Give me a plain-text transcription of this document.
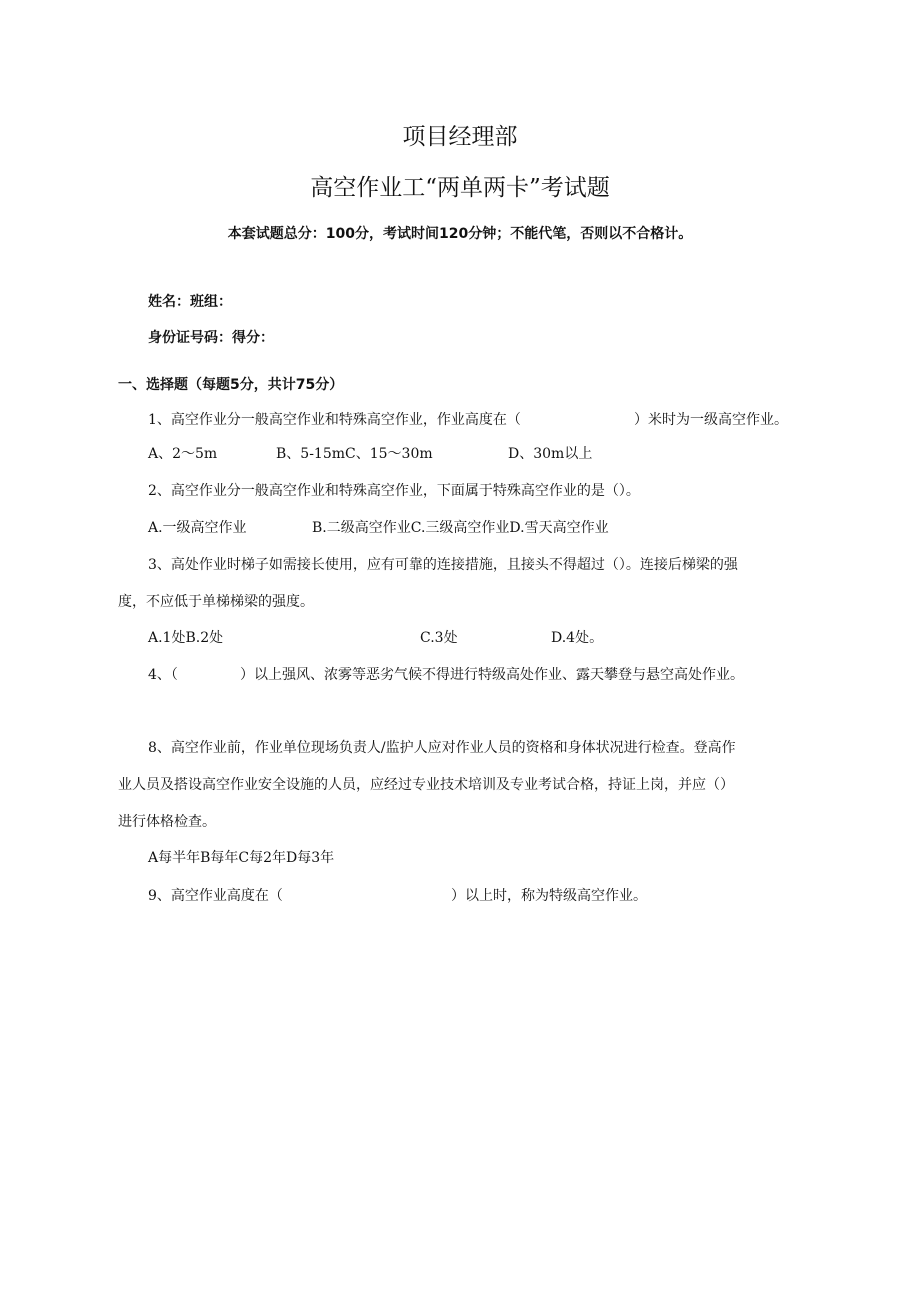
项目经理部
高空作业工“两单两卡”考试题
本套试题总分：100分，考试时间120分钟；不能代笔，否则以不合格计。
姓名：班组：
身份证号码：得分：
一、选择题（每题5分，共计75分）
1、高空作业分一般高空作业和特殊高空作业，作业高度在（	）米时为一级高空作业。
A、2～5m	B、5-15mC、15～30m	D、30m以上
2、高空作业分一般高空作业和特殊高空作业，下面属于特殊高空作业的是（）。
A.一级高空作业	B.二级高空作业C.三级高空作业D.雪天高空作业
3、高处作业时梯子如需接长使用，应有可靠的连接措施，且接头不得超过（）。连接后梯梁的强
度，不应低于单梯梯梁的强度。
A.1处B.2处	C.3处	D.4处。
4、（	）以上强风、浓雾等恶劣气候不得进行特级高处作业、露天攀登与悬空高处作业。
8、高空作业前，作业单位现场负责人/监护人应对作业人员的资格和身体状况进行检查。登高作
业人员及搭设高空作业安全设施的人员，应经过专业技术培训及专业考试合格，持证上岗，并应（）
进行体格检查。
A每半年B每年C每2年D每3年
9、高空作业高度在（	）以上时，称为特级高空作业。
